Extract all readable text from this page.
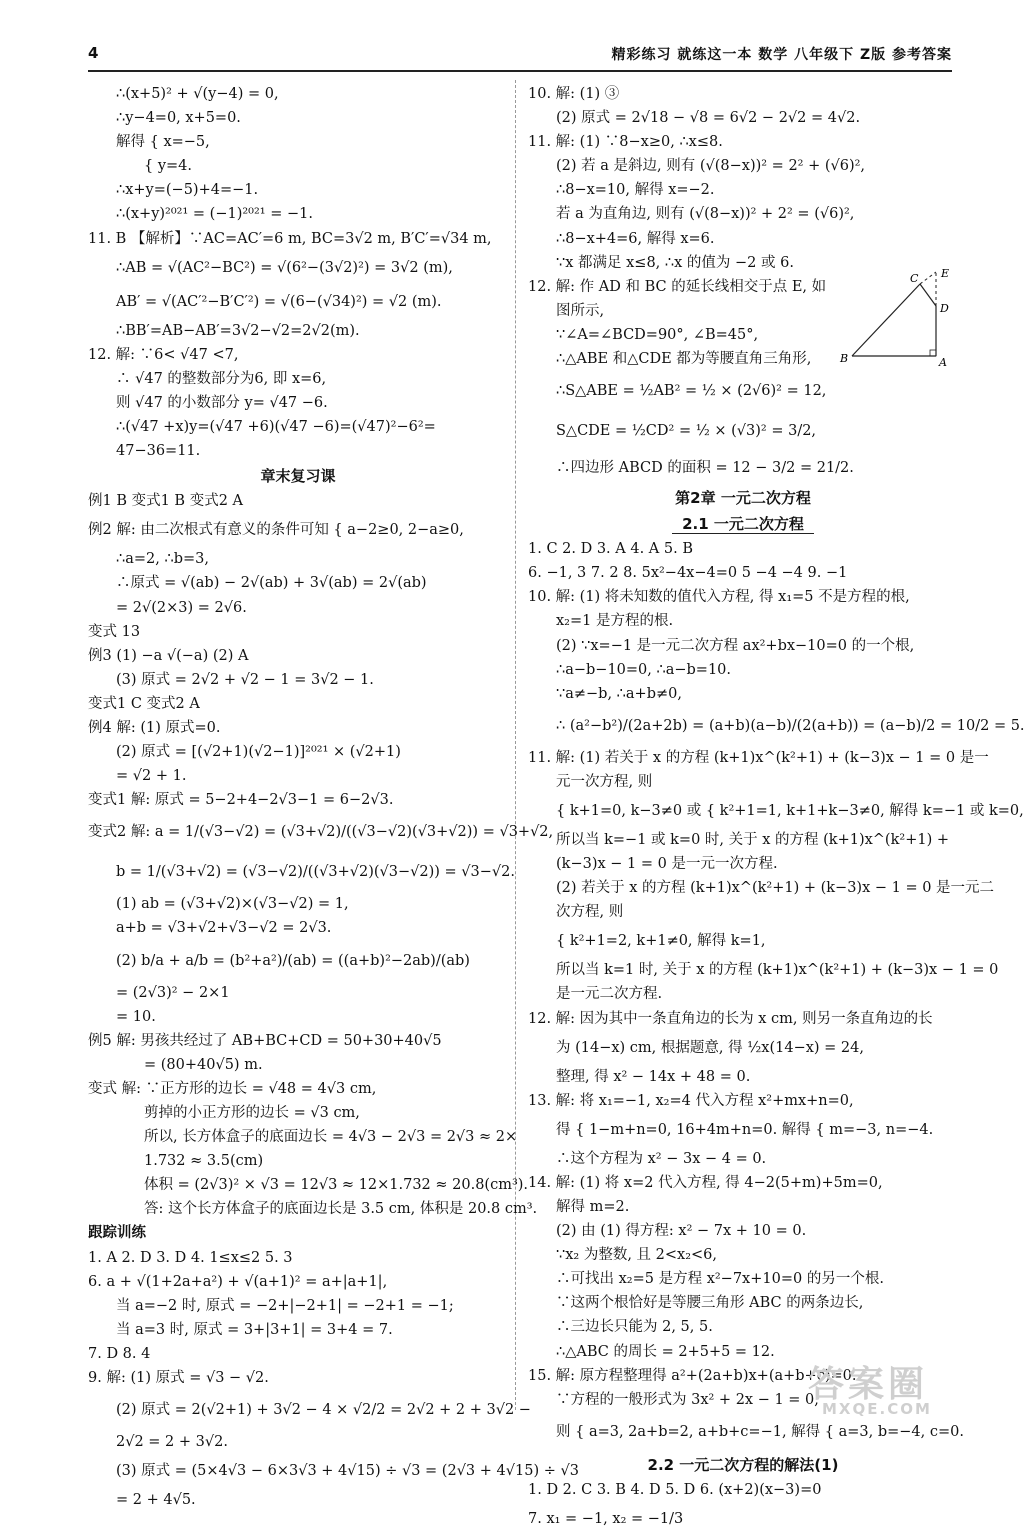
4	精彩练习 就练这一本 数学 八年级下 Z版 参考答案
∴(x+5)² + √(y−4) = 0,
∴y−4=0, x+5=0.
解得 { x=−5,
{ y=4.
∴x+y=(−5)+4=−1.
∴(x+y)²⁰²¹ = (−1)²⁰²¹ = −1.
11. B 【解析】∵AC=AC′=6 m, BC=3√2 m, B′C′=√34 m,
∴AB = √(AC²−BC²) = √(6²−(3√2)²) = 3√2 (m),
AB′ = √(AC′²−B′C′²) = √(6−(√34)²) = √2 (m).
∴BB′=AB−AB′=3√2−√2=2√2(m).
12. 解: ∵6< √47 <7,
∴ √47 的整数部分为6, 即 x=6,
则 √47 的小数部分 y= √47 −6.
∴(√47 +x)y=(√47 +6)(√47 −6)=(√47)²−6²=
47−36=11.
章末复习课
例1 B 变式1 B 变式2 A
例2 解: 由二次根式有意义的条件可知 { a−2≥0, 2−a≥0,
∴a=2, ∴b=3,
∴原式 = √(ab) − 2√(ab) + 3√(ab) = 2√(ab)
= 2√(2×3) = 2√6.
变式 13
例3 (1) −a √(−a) (2) A
(3) 原式 = 2√2 + √2 − 1 = 3√2 − 1.
变式1 C 变式2 A
例4 解: (1) 原式=0.
(2) 原式 = [(√2+1)(√2−1)]²⁰²¹ × (√2+1)
= √2 + 1.
变式1 解: 原式 = 5−2+4−2√3−1 = 6−2√3.
变式2 解: a = 1/(√3−√2) = (√3+√2)/((√3−√2)(√3+√2)) = √3+√2,
b = 1/(√3+√2) = (√3−√2)/((√3+√2)(√3−√2)) = √3−√2.
(1) ab = (√3+√2)×(√3−√2) = 1,
a+b = √3+√2+√3−√2 = 2√3.
(2) b/a + a/b = (b²+a²)/(ab) = ((a+b)²−2ab)/(ab)
= (2√3)² − 2×1
= 10.
例5 解: 男孩共经过了 AB+BC+CD = 50+30+40√5
= (80+40√5) m.
变式 解: ∵正方形的边长 = √48 = 4√3 cm,
剪掉的小正方形的边长 = √3 cm,
所以, 长方体盒子的底面边长 = 4√3 − 2√3 = 2√3 ≈ 2×
1.732 ≈ 3.5(cm)
体积 = (2√3)² × √3 = 12√3 ≈ 12×1.732 ≈ 20.8(cm³).
答: 这个长方体盒子的底面边长是 3.5 cm, 体积是 20.8 cm³.
跟踪训练
1. A 2. D 3. D 4. 1≤x≤2 5. 3
6. a + √(1+2a+a²) + √(a+1)² = a+|a+1|,
当 a=−2 时, 原式 = −2+|−2+1| = −2+1 = −1;
当 a=3 时, 原式 = 3+|3+1| = 3+4 = 7.
7. D 8. 4
9. 解: (1) 原式 = √3 − √2.
(2) 原式 = 2(√2+1) + 3√2 − 4 × √2/2 = 2√2 + 2 + 3√2 −
2√2 = 2 + 3√2.
(3) 原式 = (5×4√3 − 6×3√3 + 4√15) ÷ √3 = (2√3 + 4√15) ÷ √3
= 2 + 4√5.
10. 解: (1) ③
(2) 原式 = 2√18 − √8 = 6√2 − 2√2 = 4√2.
11. 解: (1) ∵8−x≥0, ∴x≤8.
(2) 若 a 是斜边, 则有 (√(8−x))² = 2² + (√6)²,
∴8−x=10, 解得 x=−2.
若 a 为直角边, 则有 (√(8−x))² + 2² = (√6)²,
∴8−x+4=6, 解得 x=6.
∵x 都满足 x≤8, ∴x 的值为 −2 或 6.
12. 解: 作 AD 和 BC 的延长线相交于点 E, 如
图所示,
∵∠A=∠BCD=90°, ∠B=45°,
∴△ABE 和△CDE 都为等腰直角三角形,
∴S△ABE = ½AB² = ½ × (2√6)² = 12,
S△CDE = ½CD² = ½ × (√3)² = 3/2,
∴四边形 ABCD 的面积 = 12 − 3/2 = 21/2.
第2章 一元二次方程
2.1 一元二次方程
1. C 2. D 3. A 4. A 5. B
6. −1, 3 7. 2 8. 5x²−4x−4=0 5 −4 −4 9. −1
10. 解: (1) 将未知数的值代入方程, 得 x₁=5 不是方程的根,
x₂=1 是方程的根.
(2) ∵x=−1 是一元二次方程 ax²+bx−10=0 的一个根,
∴a−b−10=0, ∴a−b=10.
∵a≠−b, ∴a+b≠0,
∴ (a²−b²)/(2a+2b) = (a+b)(a−b)/(2(a+b)) = (a−b)/2 = 10/2 = 5.
11. 解: (1) 若关于 x 的方程 (k+1)x^(k²+1) + (k−3)x − 1 = 0 是一
元一次方程, 则
{ k+1=0, k−3≠0 或 { k²+1=1, k+1+k−3≠0, 解得 k=−1 或 k=0,
所以当 k=−1 或 k=0 时, 关于 x 的方程 (k+1)x^(k²+1) +
(k−3)x − 1 = 0 是一元一次方程.
(2) 若关于 x 的方程 (k+1)x^(k²+1) + (k−3)x − 1 = 0 是一元二
次方程, 则
{ k²+1=2, k+1≠0, 解得 k=1,
所以当 k=1 时, 关于 x 的方程 (k+1)x^(k²+1) + (k−3)x − 1 = 0
是一元二次方程.
12. 解: 因为其中一条直角边的长为 x cm, 则另一条直角边的长
为 (14−x) cm, 根据题意, 得 ½x(14−x) = 24,
整理, 得 x² − 14x + 48 = 0.
13. 解: 将 x₁=−1, x₂=4 代入方程 x²+mx+n=0,
得 { 1−m+n=0, 16+4m+n=0. 解得 { m=−3, n=−4.
∴这个方程为 x² − 3x − 4 = 0.
14. 解: (1) 将 x=2 代入方程, 得 4−2(5+m)+5m=0,
解得 m=2.
(2) 由 (1) 得方程: x² − 7x + 10 = 0.
∵x₂ 为整数, 且 2<x₂<6,
∴可找出 x₂=5 是方程 x²−7x+10=0 的另一个根.
∵这两个根恰好是等腰三角形 ABC 的两条边长,
∴三边长只能为 2, 5, 5.
∴△ABC 的周长 = 2+5+5 = 12.
15. 解: 原方程整理得 a²+(2a+b)x+(a+b+c)=0.
∵方程的一般形式为 3x² + 2x − 1 = 0,
则 { a=3, 2a+b=2, a+b+c=−1, 解得 { a=3, b=−4, c=0.
2.2 一元二次方程的解法(1)
1. D 2. C 3. B 4. D 5. D 6. (x+2)(x−3)=0
7. x₁ = −1, x₂ = −1/3
B	A
C
D
E
答案圈
MXQE.COM
